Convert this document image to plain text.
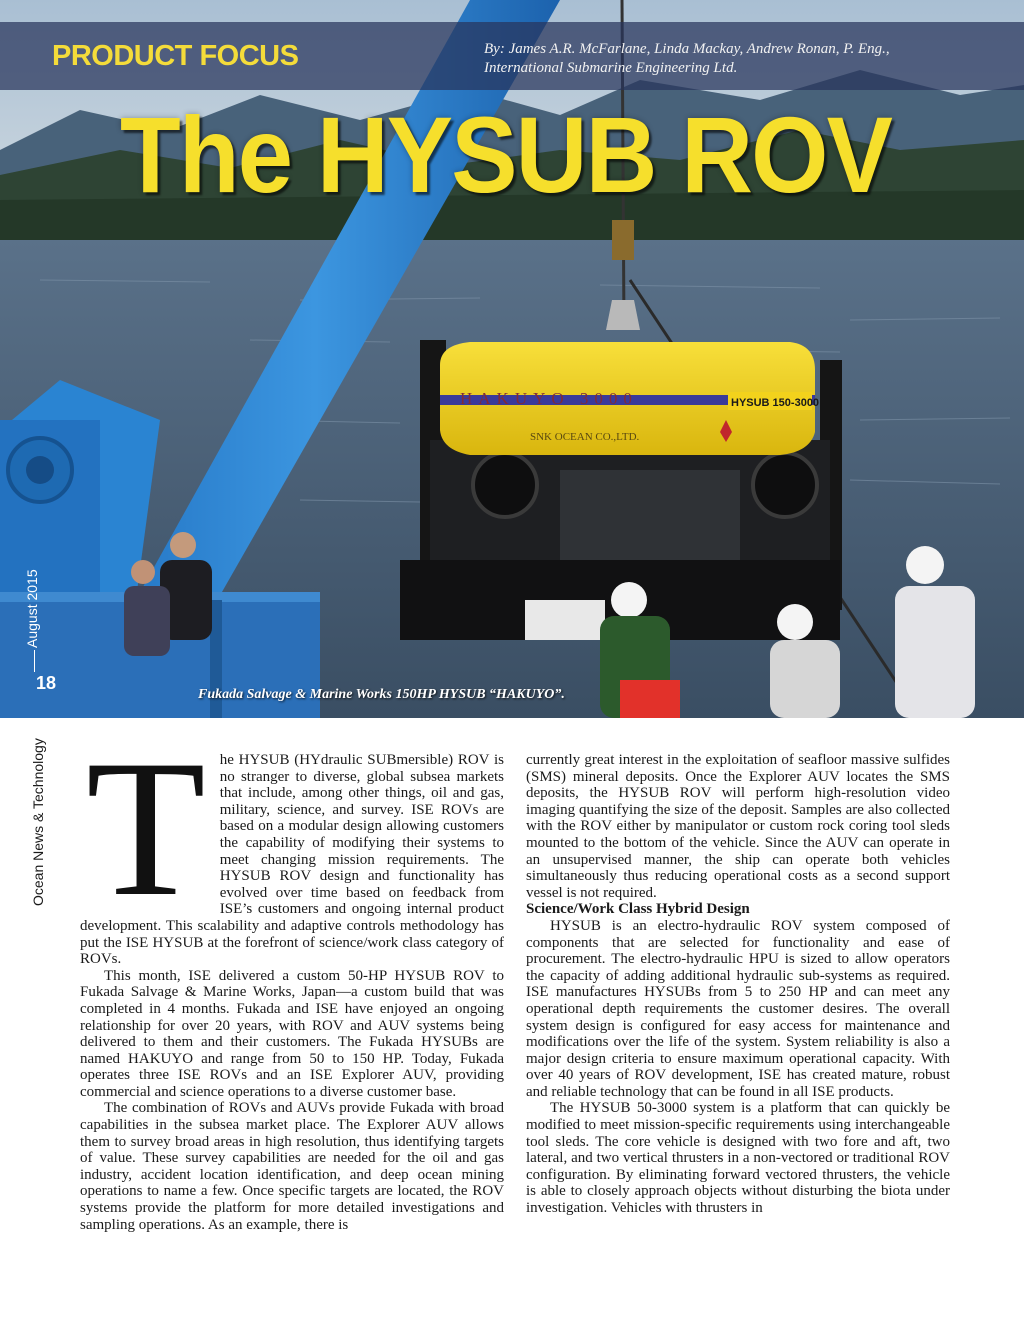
HAKUYO 3000
SNK OCEAN CO.,LTD.
HYSUB 150-3000
PRODUCT FOCUS	By: James A.R. McFarlane, Linda Mackay, Andrew Ronan, P. Eng.,
International Submarine Engineering Ltd.
The HYSUB ROV
Fukada Salvage & Marine Works 150HP HYSUB “HAKUYO”.
August 2015
18
Ocean News & Technology T he HYSUB (HYdraulic SUBmersible) ROV is no stranger to diverse, global subsea markets that include, among other things, oil and gas, military, science, and survey. ISE ROVs are based on a modular design allowing customers the capability of modifying their systems to meet changing mission requirements. The HYSUB ROV design and functionality has evolved over time based on feedback from ISE’s customers and ongoing internal product development. This scalability and adaptive controls methodology has put the ISE HYSUB at the forefront of science/work class category of ROVs.

This month, ISE delivered a custom 50-HP HYSUB ROV to Fukada Salvage & Marine Works, Japan—a custom build that was completed in 4 months. Fukada and ISE have enjoyed an ongoing relationship for over 20 years, with ROV and AUV systems being delivered to them and their customers. The Fukada HYSUBs are named HAKUYO and range from 50 to 150 HP. Today, Fukada operates three ISE ROVs and an ISE Explorer AUV, providing commercial and science operations to a diverse customer base.

The combination of ROVs and AUVs provide Fukada with broad capabilities in the subsea market place. The Explorer AUV allows them to survey broad areas in high resolution, thus identifying targets of value. These survey capabilities are needed for the oil and gas industry, accident location identification, and deep ocean mining operations to name a few. Once specific targets are located, the ROV systems provide the platform for more detailed investigations and sampling operations. As an example, there is

currently great interest in the exploitation of seafloor massive sulfides (SMS) mineral deposits. Once the Explorer AUV locates the SMS deposits, the HYSUB ROV will perform high-resolution video imaging quantifying the size of the deposit. Samples are also collected with the ROV either by manipulator or custom rock coring tool sleds mounted to the bottom of the vehicle. Since the AUV can operate in an unsupervised manner, the ship can operate both vehicles simultaneously thus reducing operational costs as a second support vessel is not required.

Science/Work Class Hybrid Design

HYSUB is an electro-hydraulic ROV system composed of components that are selected for functionality and ease of procurement. The electro-hydraulic HPU is sized to allow operators the capacity of adding additional hydraulic sub-systems as required. ISE manufactures HYSUBs from 5 to 250 HP and can meet any operational depth requirements the customer desires. The overall system design is configured for easy access for maintenance and modifications over the life of the system. System reliability is also a major design criteria to ensure maximum operational capacity. With over 40 years of ROV development, ISE has created mature, robust and reliable technology that can be found in all ISE products.

The HYSUB 50-3000 system is a platform that can quickly be modified to meet mission-specific requirements using interchangeable tool sleds. The core vehicle is designed with two fore and aft, two lateral, and two vertical thrusters in a non-vectored or traditional ROV configuration. By eliminating forward vectored thrusters, the vehicle is able to closely approach objects without disturbing the biota under investigation. Vehicles with thrusters in
